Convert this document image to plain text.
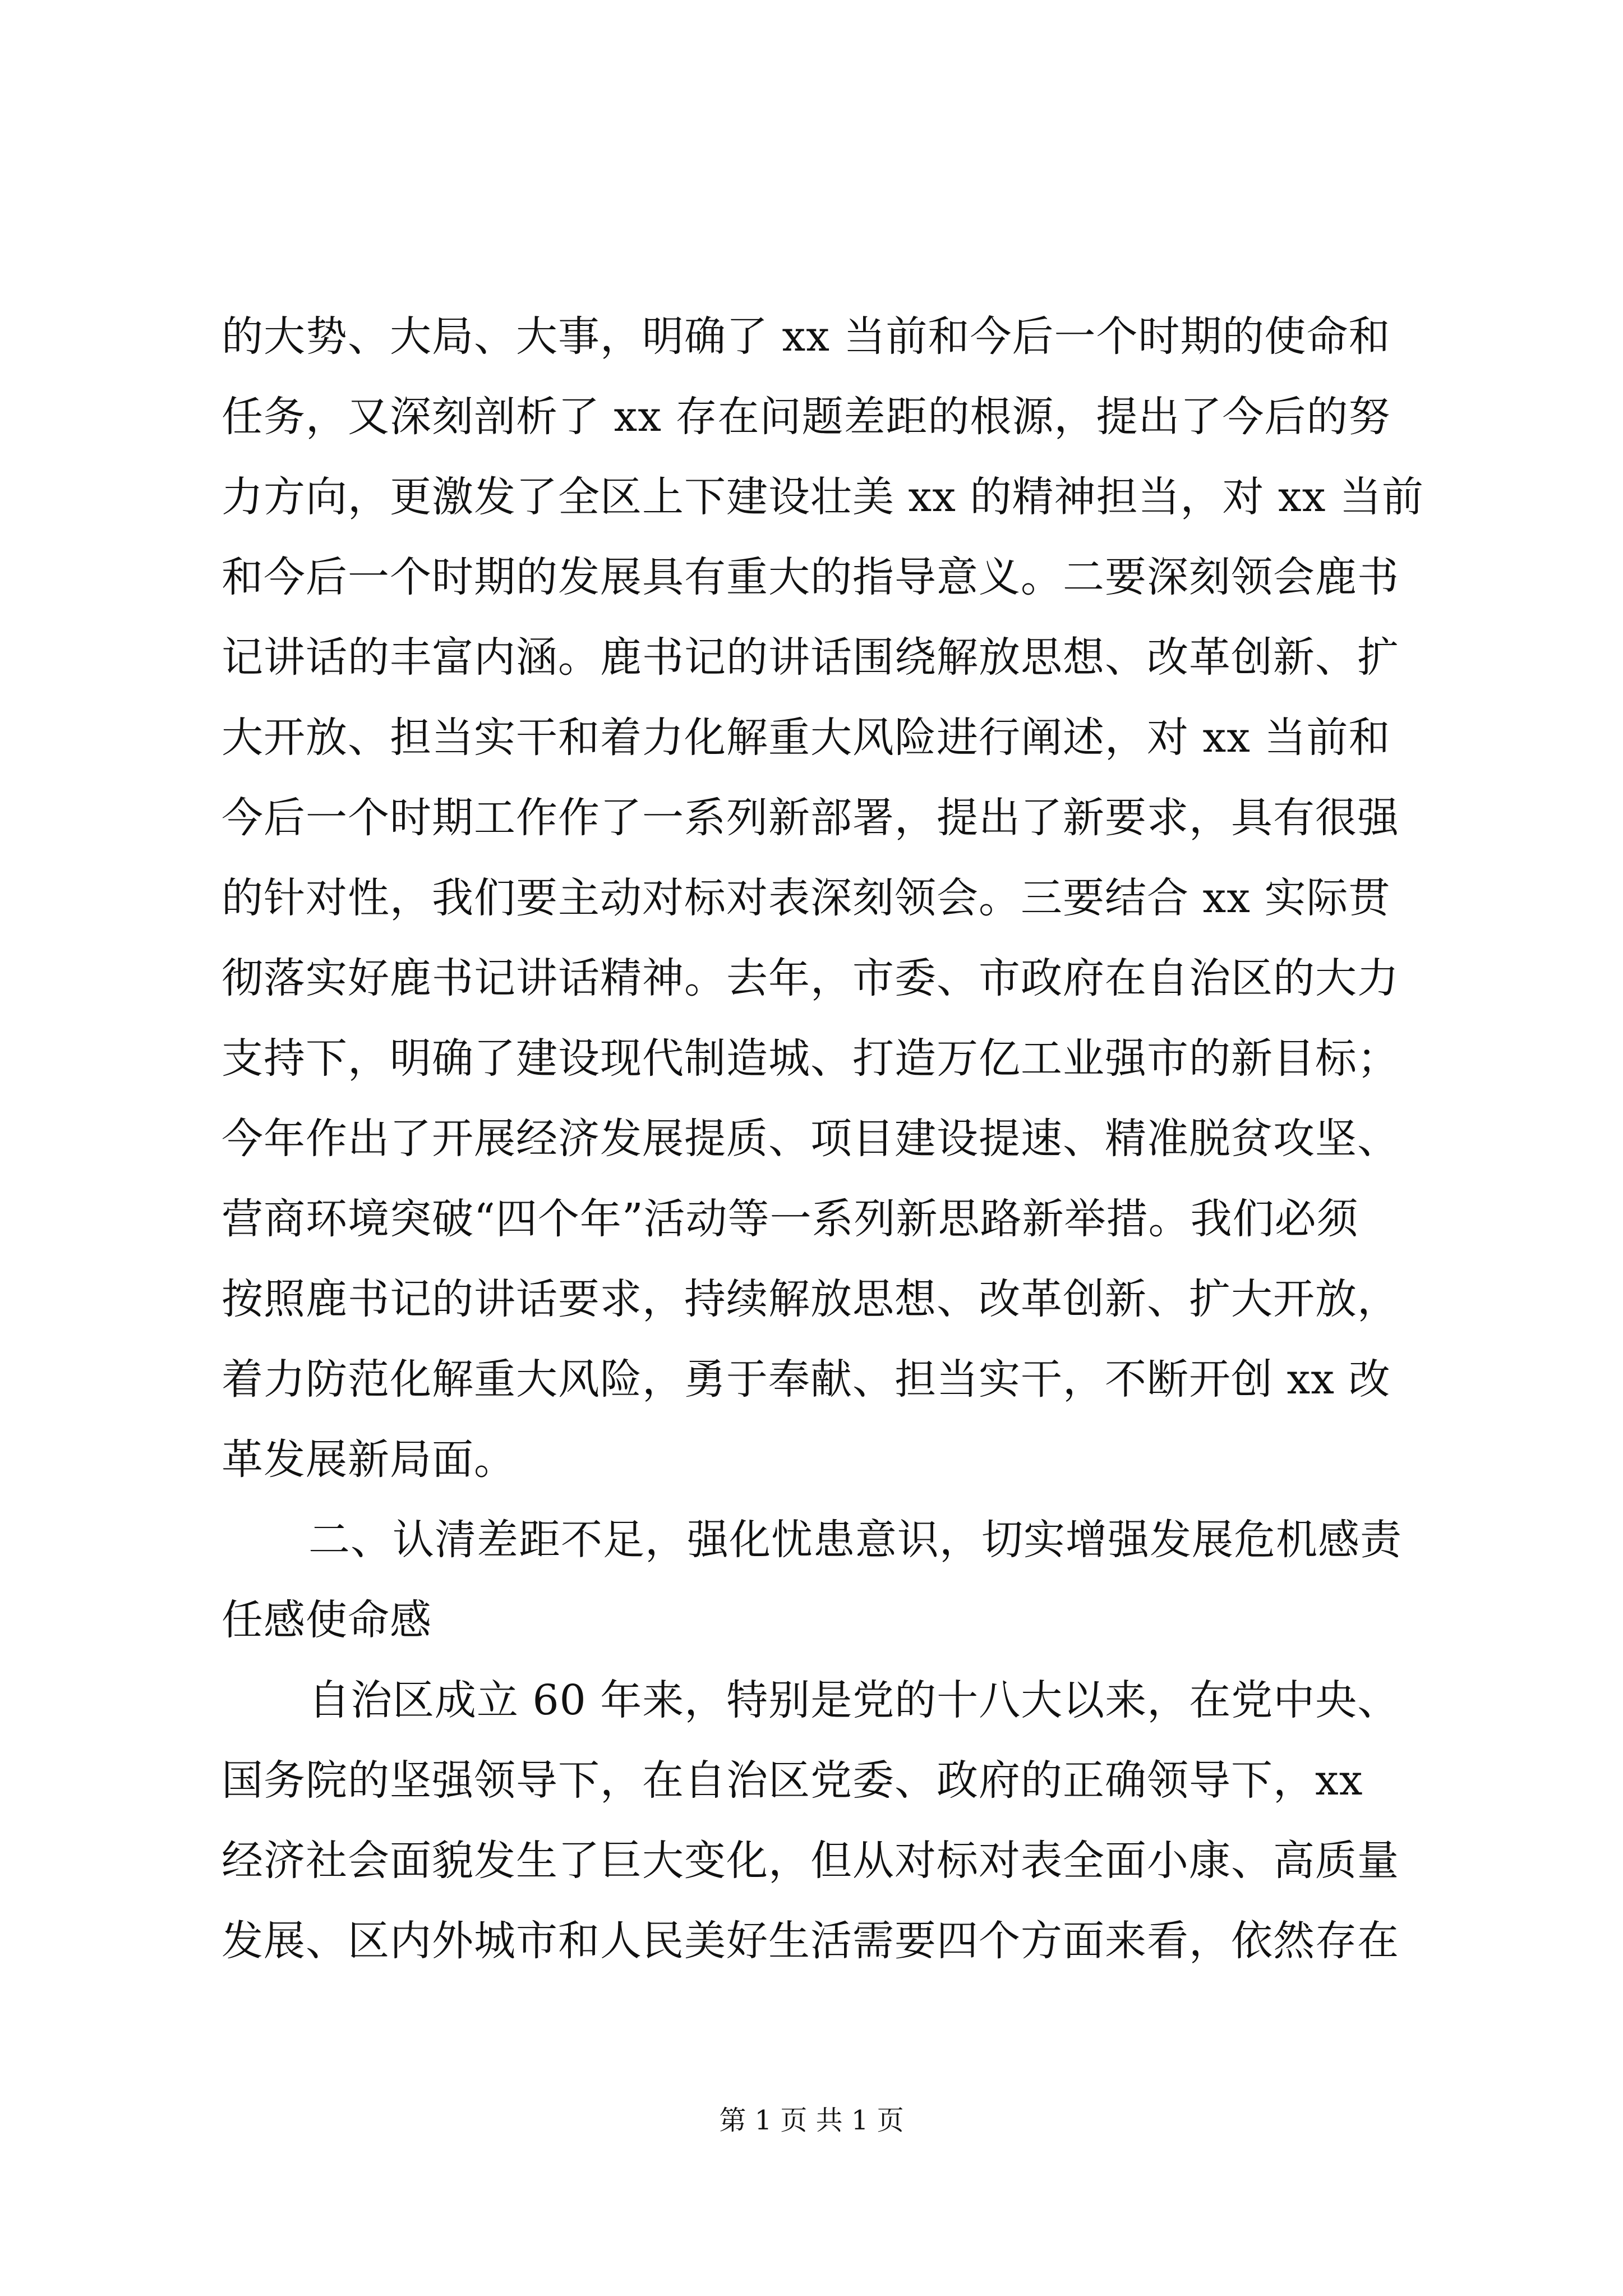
的大势、大局、大事，明确了 xx 当前和今后一个时期的使命和
任务，又深刻剖析了 xx 存在问题差距的根源，提出了今后的努
力方向，更激发了全区上下建设壮美 xx 的精神担当，对 xx 当前
和今后一个时期的发展具有重大的指导意义。二要深刻领会鹿书
记讲话的丰富内涵。鹿书记的讲话围绕解放思想、改革创新、扩
大开放、担当实干和着力化解重大风险进行阐述，对 xx 当前和
今后一个时期工作作了一系列新部署，提出了新要求，具有很强
的针对性，我们要主动对标对表深刻领会。三要结合 xx 实际贯
彻落实好鹿书记讲话精神。去年，市委、市政府在自治区的大力
支持下，明确了建设现代制造城、打造万亿工业强市的新目标；
今年作出了开展经济发展提质、项目建设提速、精准脱贫攻坚、
营商环境突破“四个年”活动等一系列新思路新举措。我们必须
按照鹿书记的讲话要求，持续解放思想、改革创新、扩大开放，
着力防范化解重大风险，勇于奉献、担当实干，不断开创 xx 改
革发展新局面。
二、认清差距不足，强化忧患意识，切实增强发展危机感责
任感使命感
自治区成立 60 年来，特别是党的十八大以来，在党中央、
国务院的坚强领导下，在自治区党委、政府的正确领导下，xx
经济社会面貌发生了巨大变化，但从对标对表全面小康、高质量
发展、区内外城市和人民美好生活需要四个方面来看，依然存在
第 1 页 共 1 页
